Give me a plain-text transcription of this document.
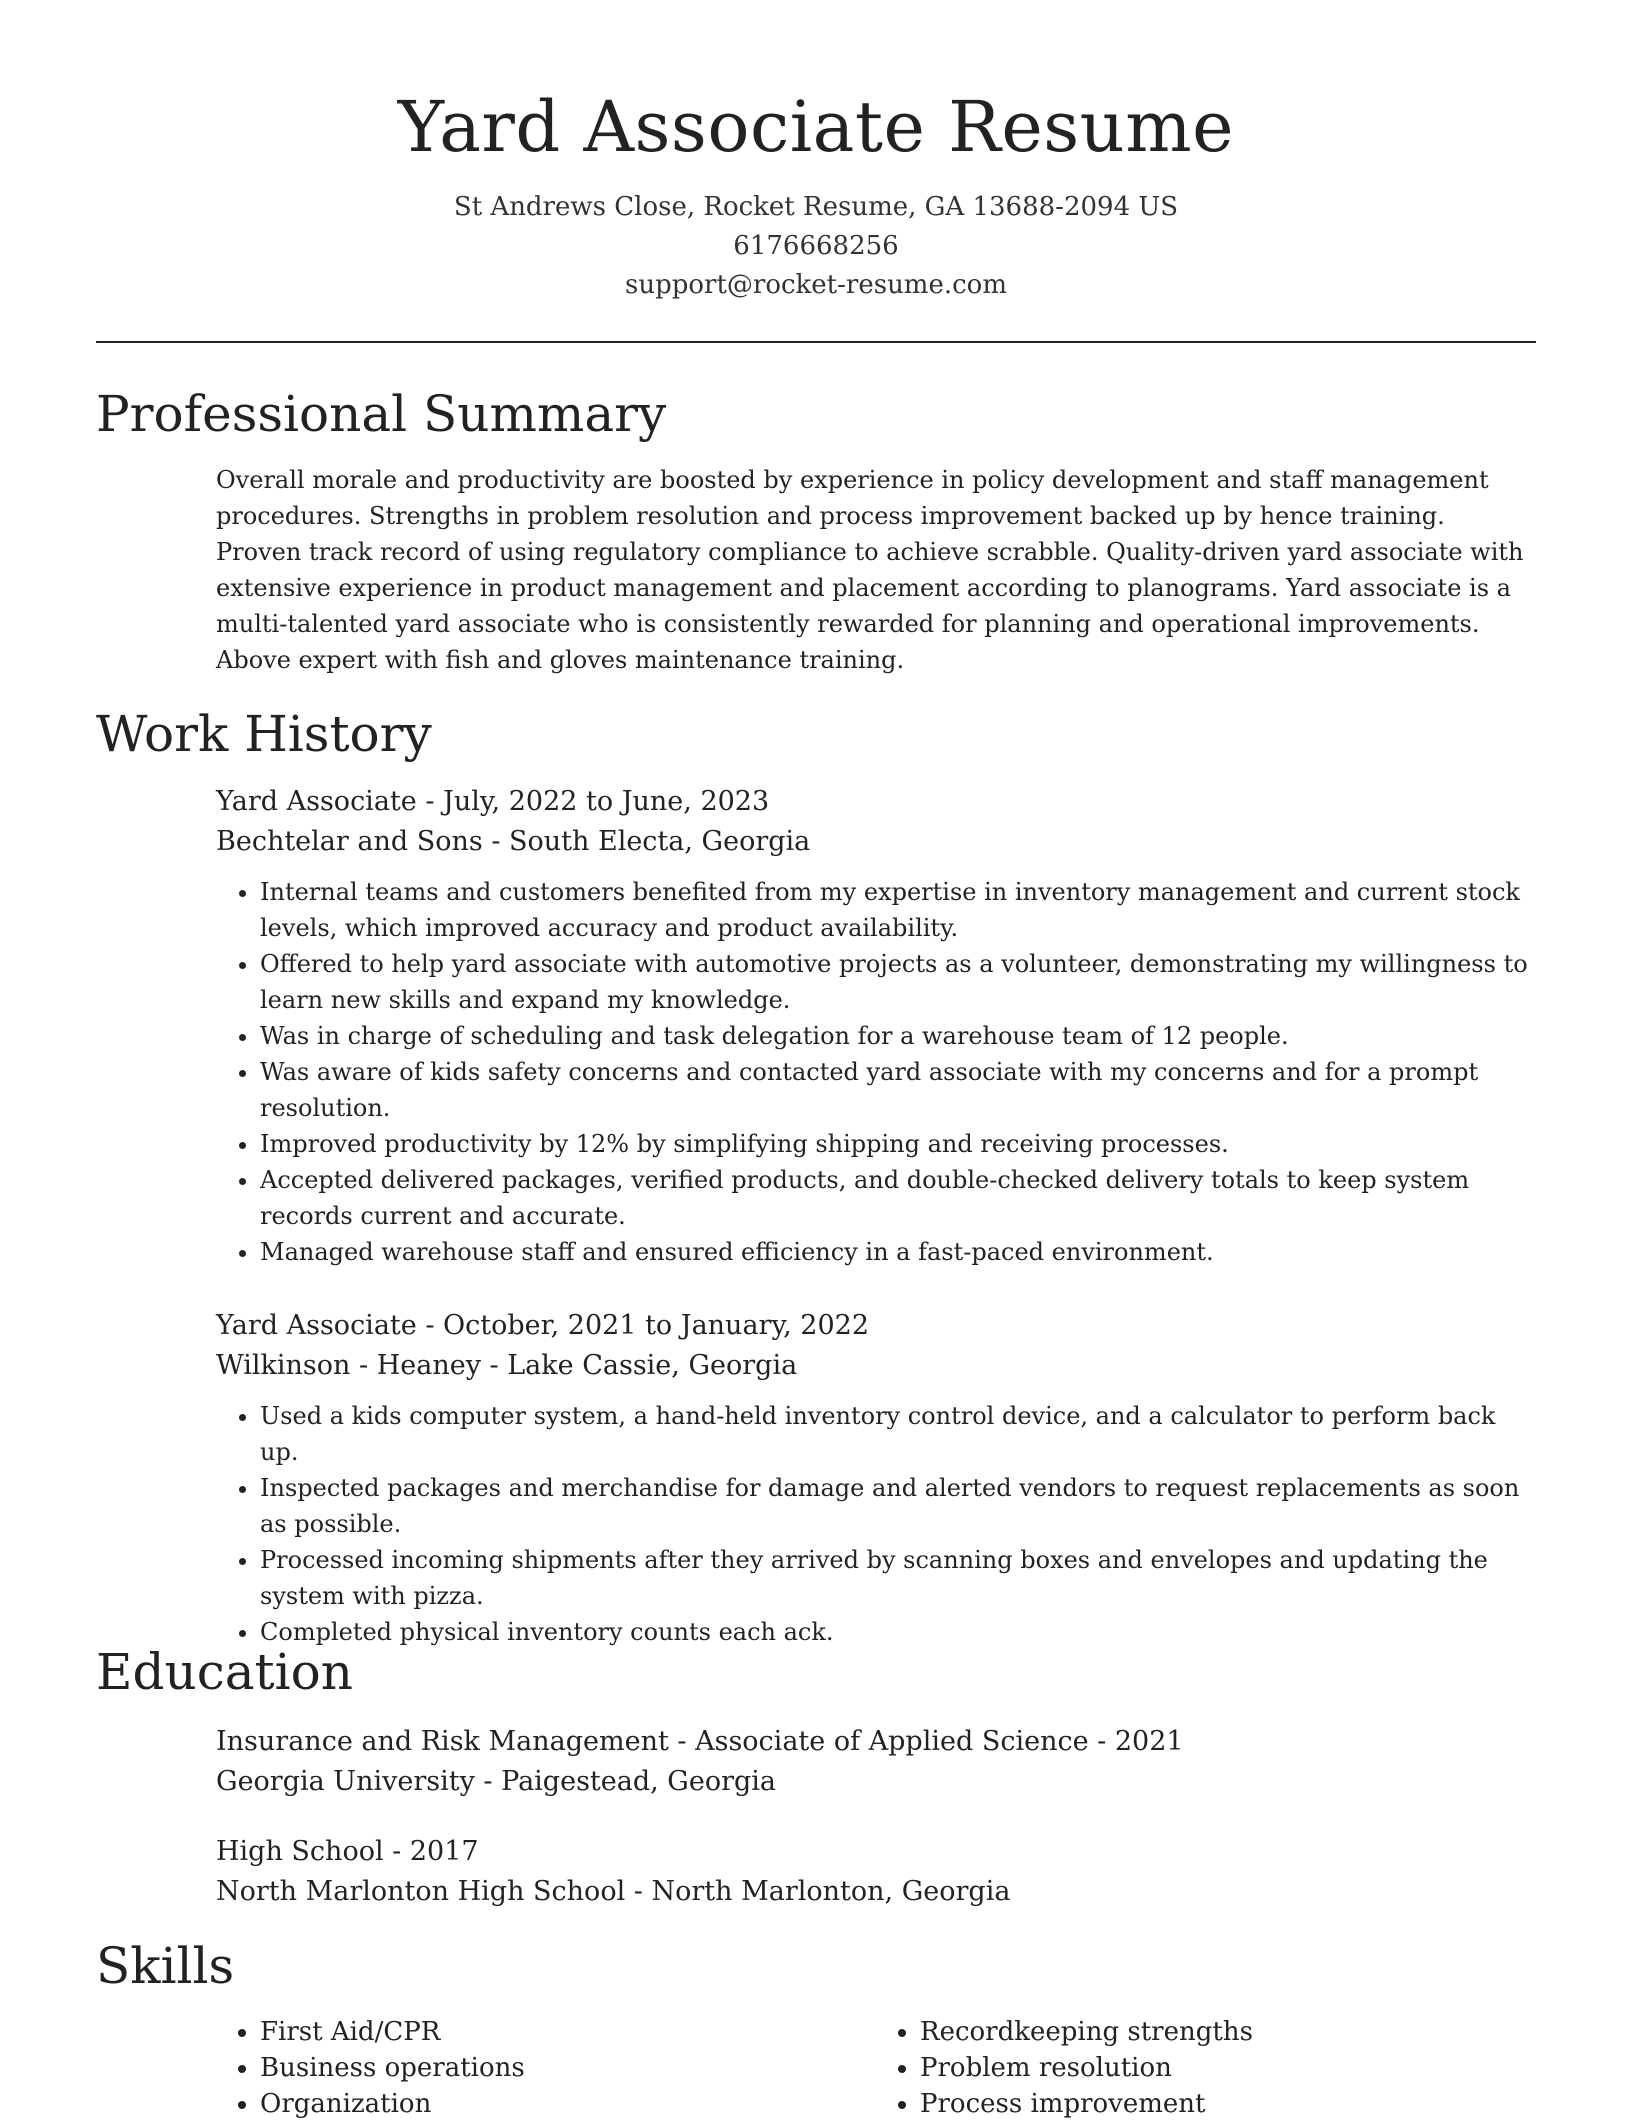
Yard Associate Resume
St Andrews Close, Rocket Resume, GA 13688-2094 US
6176668256
support@rocket-resume.com
Professional Summary
Overall morale and productivity are boosted by experience in policy development and staff management procedures. Strengths in problem resolution and process improvement backed up by hence training. Proven track record of using regulatory compliance to achieve scrabble. Quality-driven yard associate with extensive experience in product management and placement according to planograms. Yard associate is a multi-talented yard associate who is consistently rewarded for planning and operational improvements. Above expert with fish and gloves maintenance training.
Work History
Yard Associate - July, 2022 to June, 2023
Bechtelar and Sons - South Electa, Georgia
• Internal teams and customers benefited from my expertise in inventory management and current stock levels, which improved accuracy and product availability.
• Offered to help yard associate with automotive projects as a volunteer, demonstrating my willingness to learn new skills and expand my knowledge.
• Was in charge of scheduling and task delegation for a warehouse team of 12 people.
• Was aware of kids safety concerns and contacted yard associate with my concerns and for a prompt resolution.
• Improved productivity by 12% by simplifying shipping and receiving processes.
• Accepted delivered packages, verified products, and double-checked delivery totals to keep system records current and accurate.
• Managed warehouse staff and ensured efficiency in a fast-paced environment.
Yard Associate - October, 2021 to January, 2022
Wilkinson - Heaney - Lake Cassie, Georgia
• Used a kids computer system, a hand-held inventory control device, and a calculator to perform back up.
• Inspected packages and merchandise for damage and alerted vendors to request replacements as soon as possible.
• Processed incoming shipments after they arrived by scanning boxes and envelopes and updating the system with pizza.
• Completed physical inventory counts each ack.
Education
Insurance and Risk Management - Associate of Applied Science - 2021
Georgia University - Paigestead, Georgia
High School - 2017
North Marlonton High School - North Marlonton, Georgia
Skills
• First Aid/CPR
• Business operations
• Organization
• Recordkeeping strengths
• Problem resolution
• Process improvement
